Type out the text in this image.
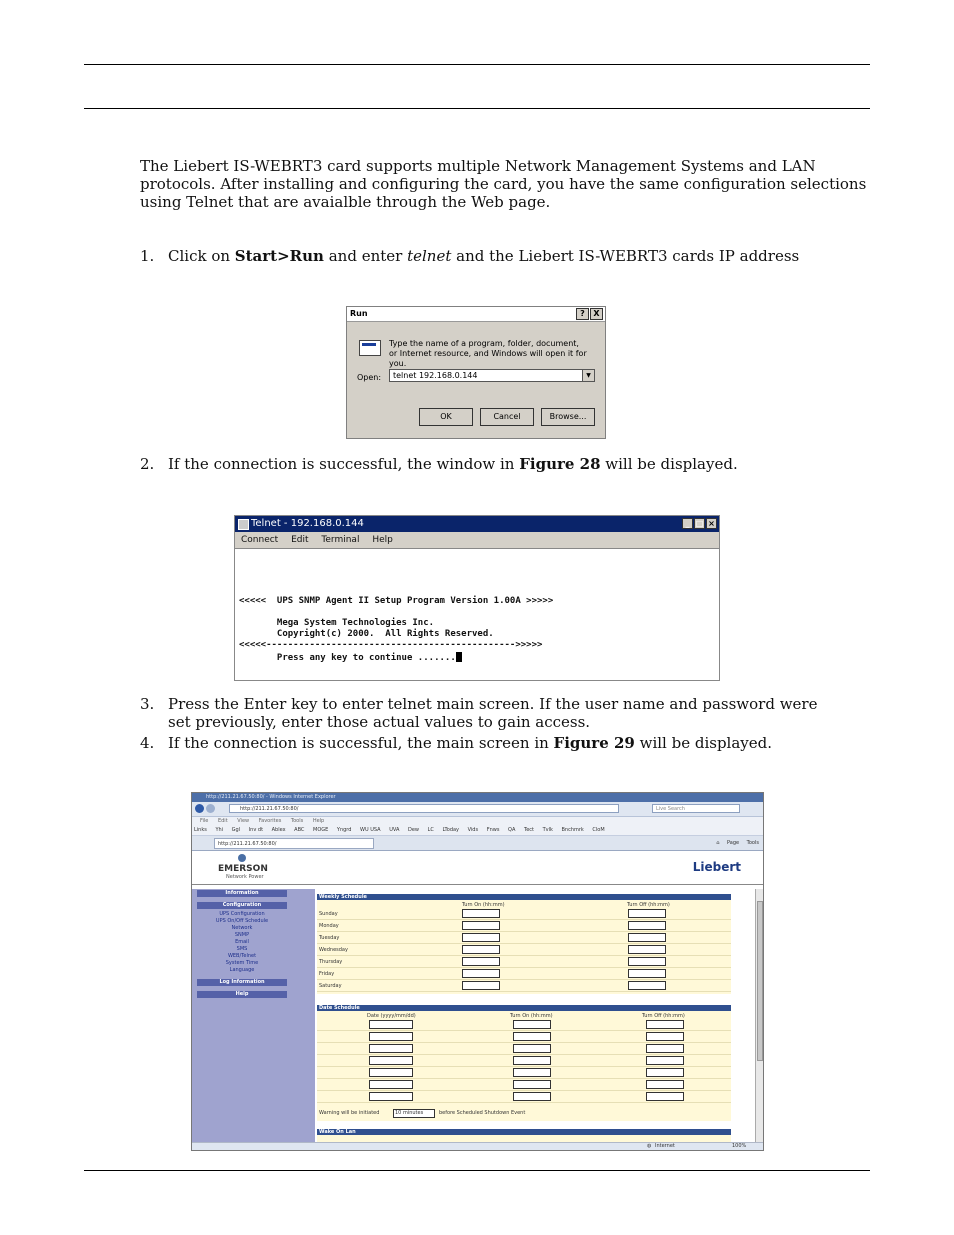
The Liebert IS-WEBRT3 card supports multiple Network Management Systems and LAN protocols. After installing and configuring the card, you have the same configuration selections using Telnet that are avaialble through the Web page.

1. Click on Start>Run and enter telnet and the Liebert IS-WEBRT3 cards IP address
Run	?	X
Type the name of a program, folder, document, or Internet resource, and Windows will open it for you.
Open:	telnet 192.168.0.144	▼
OK	Cancel	Browse...
2. If the connection is successful, the window in Figure 28 will be displayed.
Telnet - 192.168.0.144	_ □ ×
Connect Edit Terminal Help
<<<<<  UPS SNMP Agent II Setup Program Version 1.00A >>>>>
Mega System Technologies Inc.
Copyright(c) 2000.  All Rights Reserved.
<<<<<---------------------------------------------->>>>>
Press any key to continue .......
3. Press the Enter key to enter telnet main screen. If the user name and password were set previously, enter those actual values to gain access.
4. If the connection is successful, the main screen in Figure 29 will be displayed.
http://211.21.67.50:80/ - Windows Internet Explorer
http://211.21.67.50:80/	Live Search
File Edit View Favorites Tools Help
Links Yhi Ggl Inv dt Ablex ABC MOGE Yngrd WU USA UVA Dew LC LToday Vids Fnws QA Tect Tvlk Bnchmrk CloM
http://211.21.67.50:80/	⌂ Page Tools
EMERSON
Network Power
Liebert
Information
Configuration
UPS Configuration
UPS On/Off Schedule
Network
SNMP
Email
SMS
WEB/Telnet
System Time
Language
Log Information
Help
Weekly Schedule
Turn On (hh:mm)	Turn Off (hh:mm)
Sunday
Monday
Tuesday
Wednesday
Thursday
Friday
Saturday
Date Schedule
Date (yyyy/mm/dd)	Turn On (hh:mm)	Turn Off (hh:mm)
Warning will be initiated	10 minutes	before Scheduled Shutdown Event
Wake On Lan
◍ Internet	100%
